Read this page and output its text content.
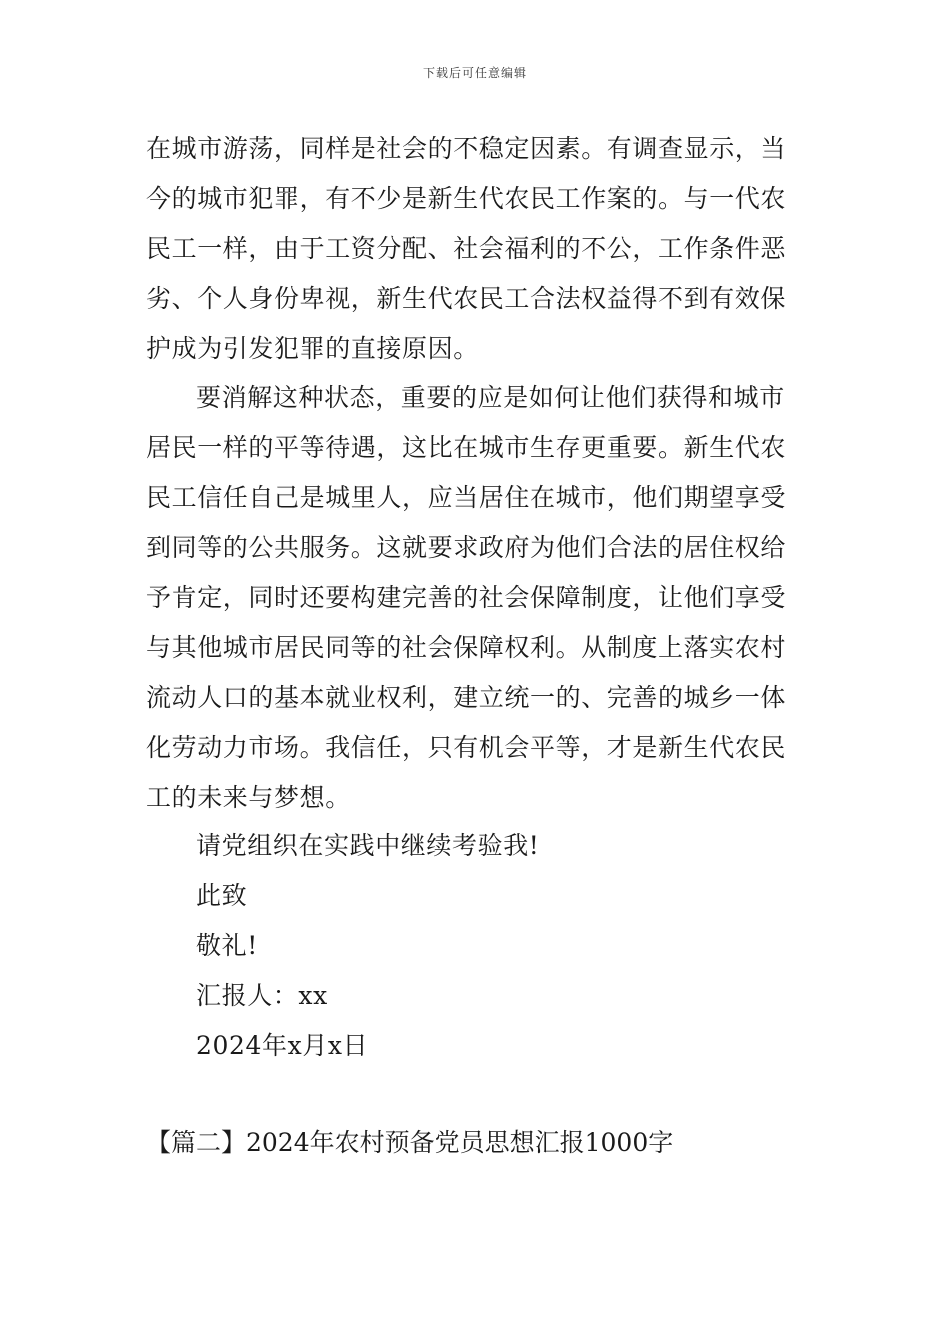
下载后可任意编辑
在城市游荡，同样是社会的不稳定因素。有调查显示，当
今的城市犯罪，有不少是新生代农民工作案的。与一代农
民工一样，由于工资分配、社会福利的不公，工作条件恶
劣、个人身份卑视，新生代农民工合法权益得不到有效保
护成为引发犯罪的直接原因。
要消解这种状态，重要的应是如何让他们获得和城市
居民一样的平等待遇，这比在城市生存更重要。新生代农
民工信任自己是城里人，应当居住在城市，他们期望享受
到同等的公共服务。这就要求政府为他们合法的居住权给
予肯定，同时还要构建完善的社会保障制度，让他们享受
与其他城市居民同等的社会保障权利。从制度上落实农村
流动人口的基本就业权利，建立统一的、完善的城乡一体
化劳动力市场。我信任，只有机会平等，才是新生代农民
工的未来与梦想。
请党组织在实践中继续考验我!
此致
敬礼!
汇报人：xx
2024年x月x日
【篇二】2024年农村预备党员思想汇报1000字
